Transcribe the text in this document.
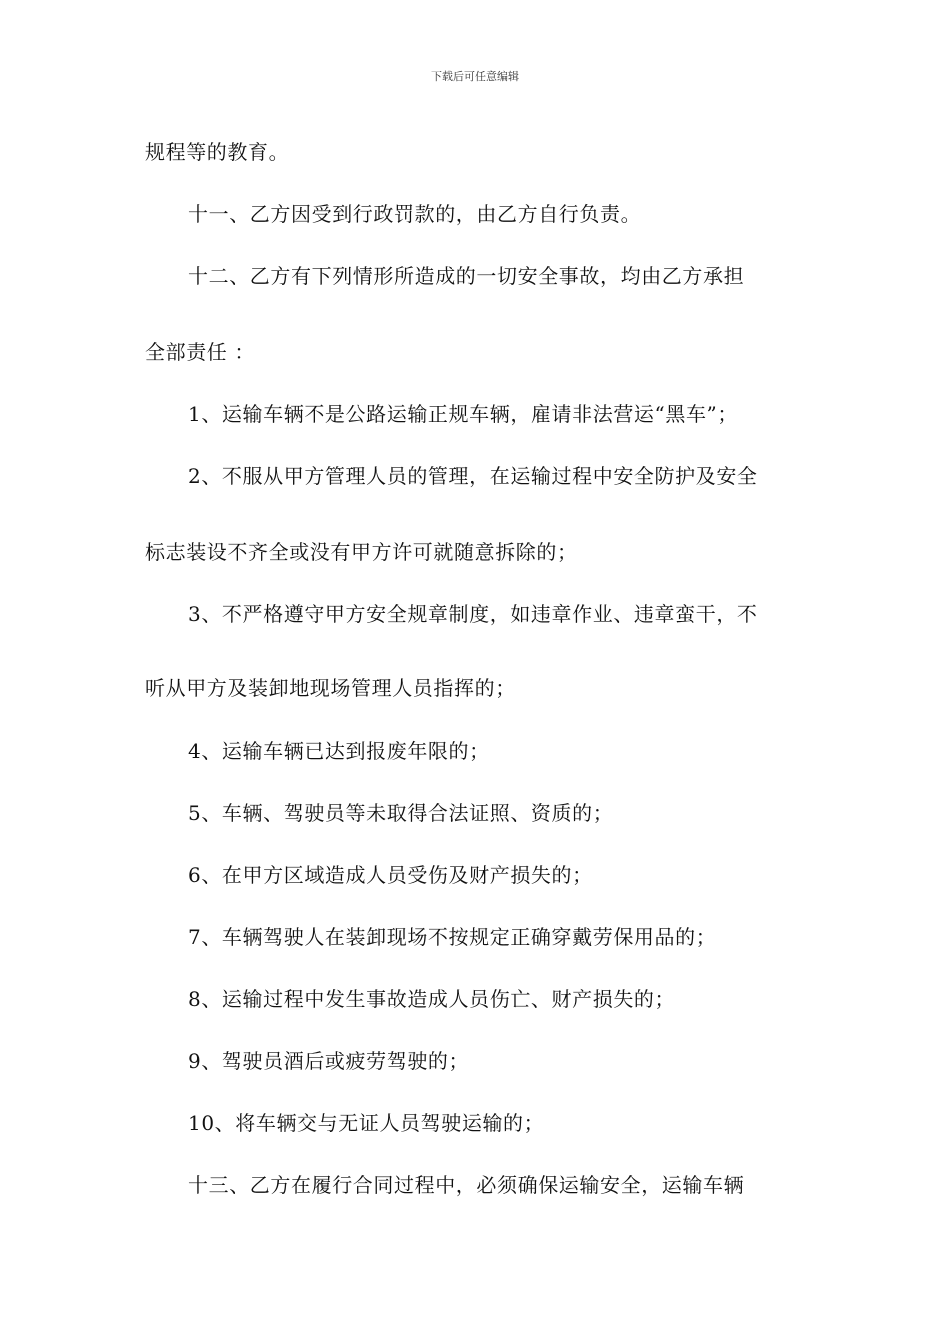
下载后可任意编辑
规程等的教育。
十一、乙方因受到行政罚款的，由乙方自行负责。
十二、乙方有下列情形所造成的一切安全事故，均由乙方承担
全部责任 ：
1、运输车辆不是公路运输正规车辆，雇请非法营运“黑车”；
2、不服从甲方管理人员的管理，在运输过程中安全防护及安全
标志装设不齐全或没有甲方许可就随意拆除的；
3、不严格遵守甲方安全规章制度，如违章作业、违章蛮干，不
听从甲方及装卸地现场管理人员指挥的；
4、运输车辆已达到报废年限的；
5、车辆、驾驶员等未取得合法证照、资质的；
6、在甲方区域造成人员受伤及财产损失的；
7、车辆驾驶人在装卸现场不按规定正确穿戴劳保用品的；
8、运输过程中发生事故造成人员伤亡、财产损失的；
9、驾驶员酒后或疲劳驾驶的；
10、将车辆交与无证人员驾驶运输的；
十三、乙方在履行合同过程中，必须确保运输安全，运输车辆
